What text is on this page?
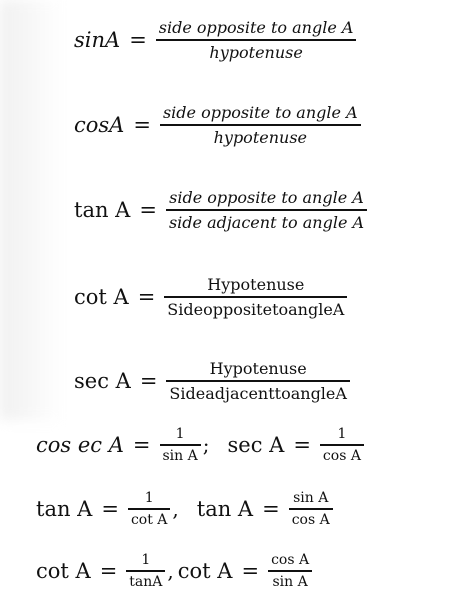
$\sin A = \frac{\text{side opposite to angle A}}{\text{hypotenuse}}$
$\cos A = \frac{\text{side opposite to angle A}}{\text{hypotenuse}}$
$\tan A = \frac{\text{side opposite to angle A}}{\text{side adjacent to angle A}}$
$\cot A = \frac{\text{Hypotenuse}}{\text{SideoppositetoangleA}}$
$\sec A = \frac{\text{Hypotenuse}}{\text{SideadjacenttoangleA}}$
cos ec $A = \frac{1}{\text{sin A}}$ ; $\sec A = \frac{1}{\text{cos A}}$
$\tan A = \frac{1}{\text{cot A}}$ , $\tan A = \frac{\text{sin A}}{\text{cos A}}$
$\cot A = \frac{1}{\tan A}$ , $\cot A = \frac{\text{cos A}}{\text{sin A}}$
